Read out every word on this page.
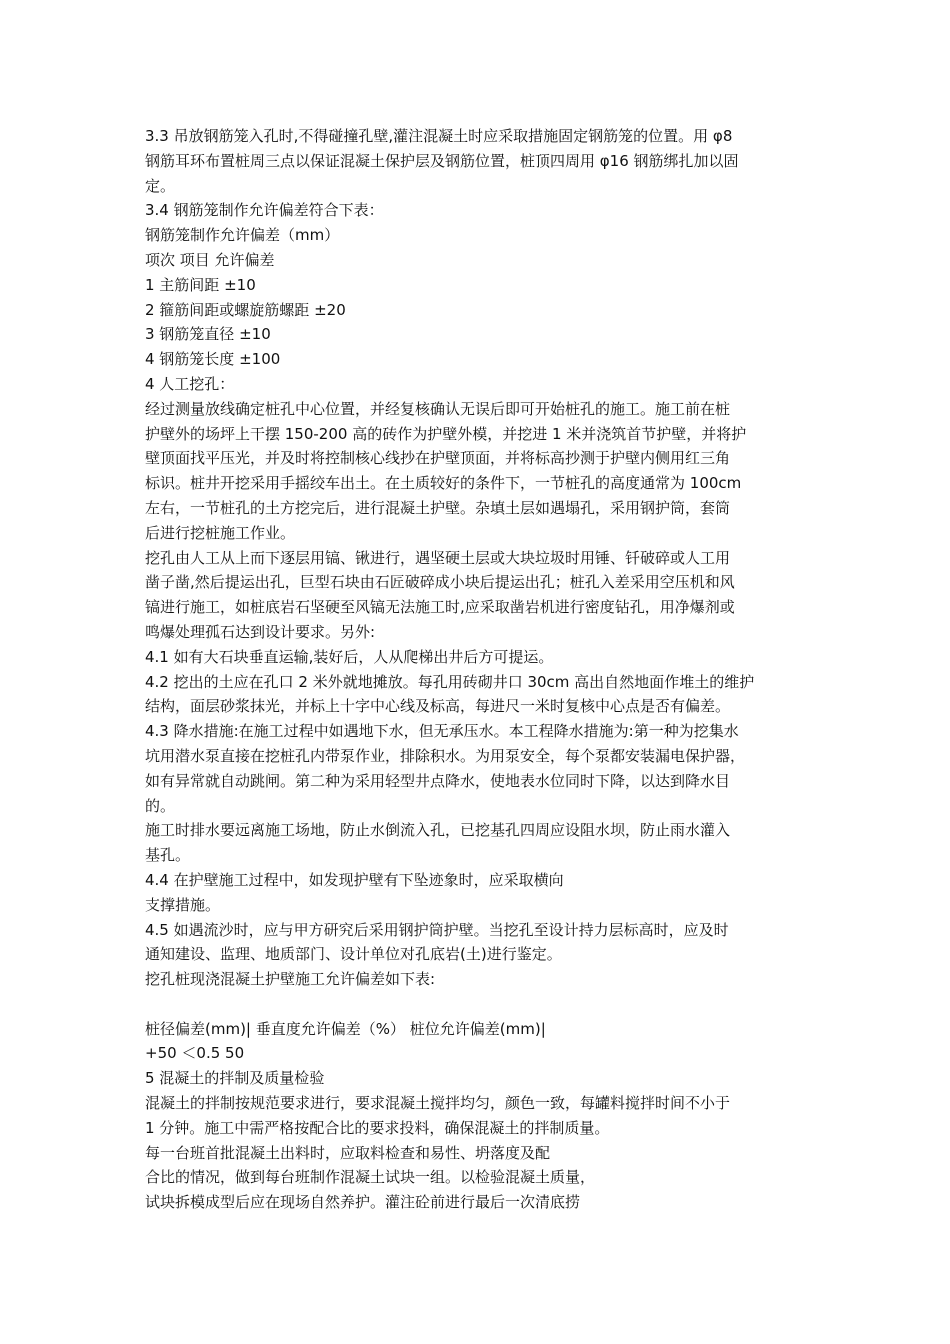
3.3 吊放钢筋笼入孔时,不得碰撞孔壁,灌注混凝土时应采取措施固定钢筋笼的位置。用 φ8
钢筋耳环布置桩周三点以保证混凝土保护层及钢筋位置，桩顶四周用 φ16 钢筋绑扎加以固
定。
3.4 钢筋笼制作允许偏差符合下表：
钢筋笼制作允许偏差（mm）
项次 项目 允许偏差
1 主筋间距 ±10
2 箍筋间距或螺旋筋螺距 ±20
3 钢筋笼直径 ±10
4 钢筋笼长度 ±100
4 人工挖孔：
经过测量放线确定桩孔中心位置，并经复核确认无误后即可开始桩孔的施工。施工前在桩
护壁外的场坪上干摆 150-200 高的砖作为护壁外模，并挖进 1 米并浇筑首节护壁，并将护
壁顶面找平压光，并及时将控制核心线抄在护壁顶面，并将标高抄测于护壁内侧用红三角
标识。桩井开挖采用手摇绞车出土。在土质较好的条件下，一节桩孔的高度通常为 100cm
左右，一节桩孔的土方挖完后，进行混凝土护壁。杂填土层如遇塌孔，采用钢护筒，套筒
后进行挖桩施工作业。
挖孔由人工从上而下逐层用镐、锹进行，遇坚硬土层或大块垃圾时用锤、钎破碎或人工用
凿子凿,然后提运出孔，巨型石块由石匠破碎成小块后提运出孔；桩孔入差采用空压机和风
镐进行施工，如桩底岩石坚硬至风镐无法施工时,应采取凿岩机进行密度钻孔，用净爆剂或
鸣爆处理孤石达到设计要求。另外:
4.1 如有大石块垂直运输,装好后，人从爬梯出井后方可提运。
4.2 挖出的土应在孔口 2 米外就地摊放。每孔用砖砌井口 30cm 高出自然地面作堆土的维护
结构，面层砂浆抹光，并标上十字中心线及标高，每进尺一米时复核中心点是否有偏差。
4.3 降水措施:在施工过程中如遇地下水，但无承压水。本工程降水措施为:第一种为挖集水
坑用潜水泵直接在挖桩孔内带泵作业，排除积水。为用泵安全，每个泵都安装漏电保护器，
如有异常就自动跳闸。第二种为采用轻型井点降水，使地表水位同时下降，以达到降水目
的。
施工时排水要远离施工场地，防止水倒流入孔，已挖基孔四周应设阻水坝，防止雨水灌入
基孔。
4.4 在护壁施工过程中，如发现护壁有下坠迹象时，应采取横向
支撑措施。
4.5 如遇流沙时，应与甲方研究后采用钢护筒护壁。当挖孔至设计持力层标高时，应及时
通知建设、监理、地质部门、设计单位对孔底岩(土)进行鉴定。
挖孔桩现浇混凝土护壁施工允许偏差如下表:
桩径偏差(mm)| 垂直度允许偏差（%） 桩位允许偏差(mm)|
+50 ＜0.5 50
5 混凝土的拌制及质量检验
混凝土的拌制按规范要求进行，要求混凝土搅拌均匀，颜色一致，每罐料搅拌时间不小于
1 分钟。施工中需严格按配合比的要求投料，确保混凝土的拌制质量。
每一台班首批混凝土出料时，应取料检查和易性、坍落度及配
合比的情况，做到每台班制作混凝土试块一组。以检验混凝土质量，
试块拆模成型后应在现场自然养护。灌注砼前进行最后一次清底捞
